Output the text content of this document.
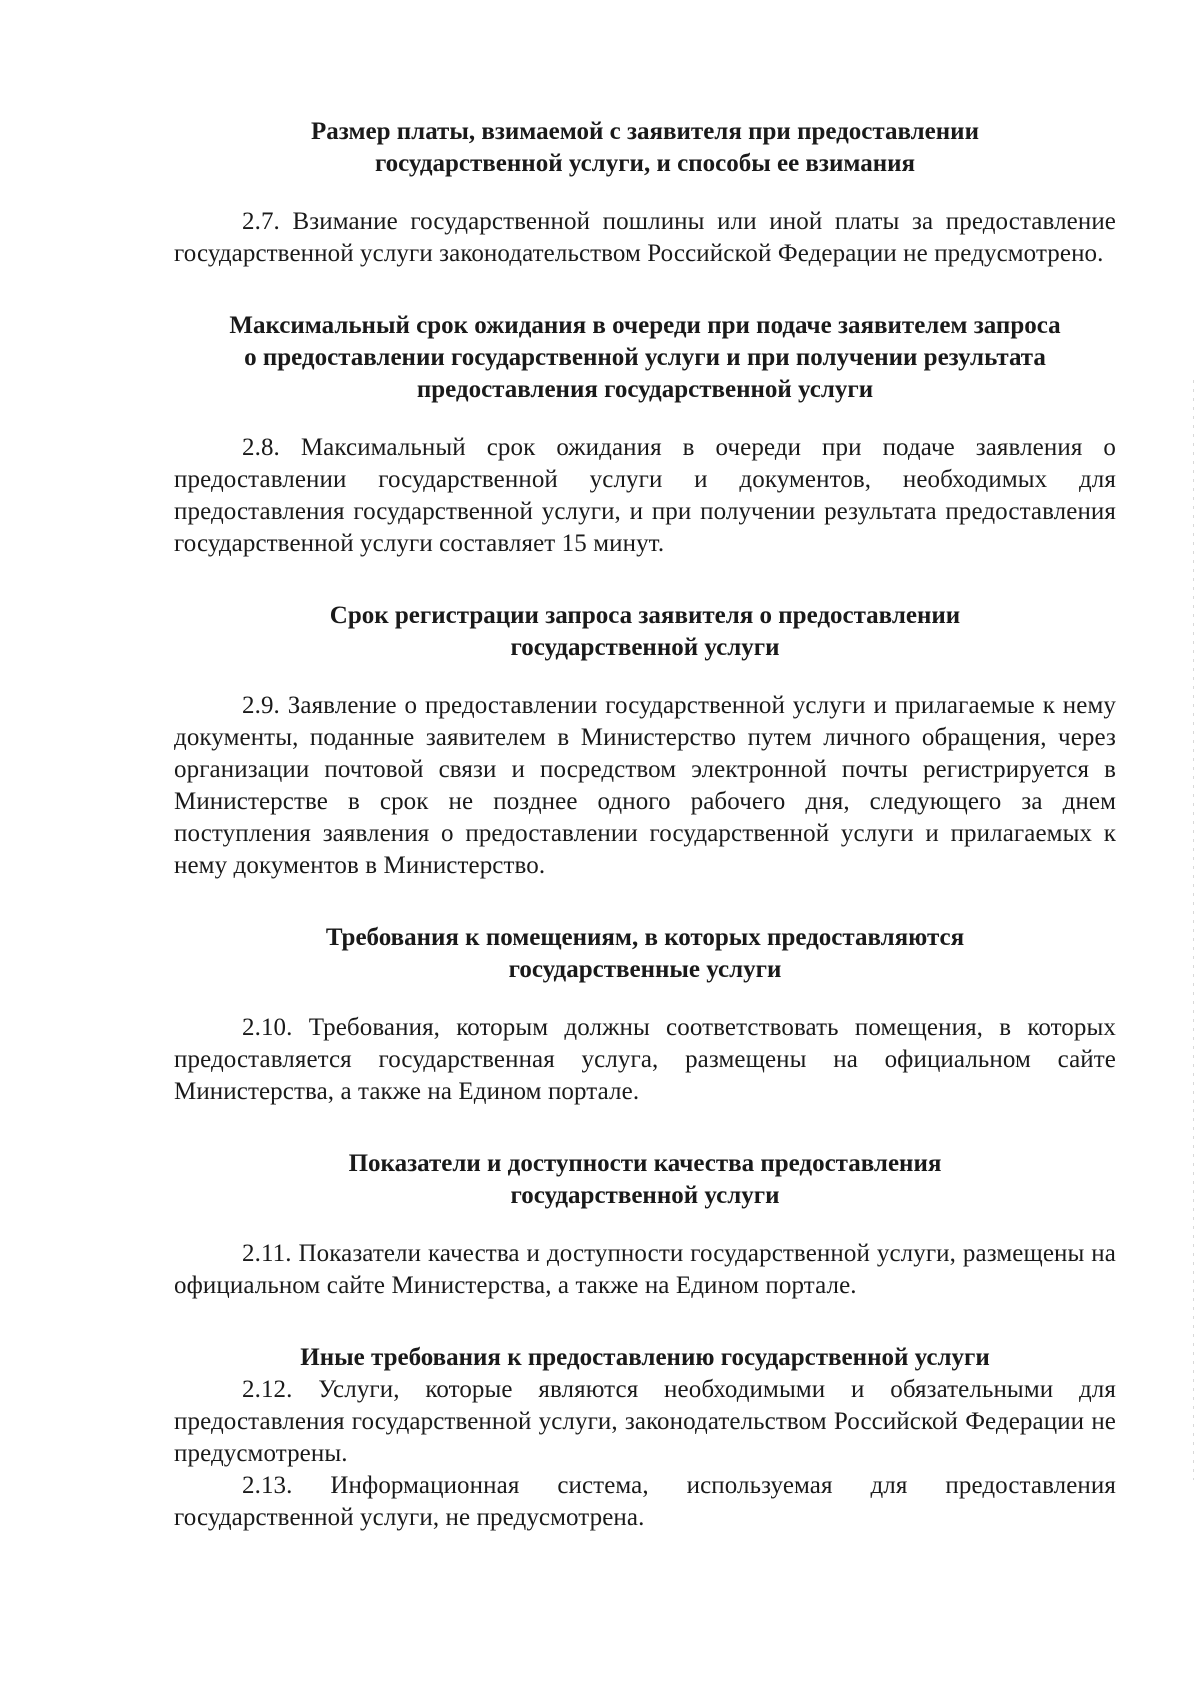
Размер платы, взимаемой с заявителя при предоставлении государственной услуги, и способы ее взимания

2.7. Взимание государственной пошлины или иной платы за предоставление государственной услуги законодательством Российской Федерации не предусмотрено.

Максимальный срок ожидания в очереди при подаче заявителем запроса о предоставлении государственной услуги и при получении результата предоставления государственной услуги

2.8. Максимальный срок ожидания в очереди при подаче заявления о предоставлении государственной услуги и документов, необходимых для предоставления государственной услуги, и при получении результата предоставления государственной услуги составляет 15 минут.

Срок регистрации запроса заявителя о предоставлении государственной услуги

2.9. Заявление о предоставлении государственной услуги и прилагаемые к нему документы, поданные заявителем в Министерство путем личного обращения, через организации почтовой связи и посредством электронной почты регистрируется в Министерстве в срок не позднее одного рабочего дня, следующего за днем поступления заявления о предоставлении государственной услуги и прилагаемых к нему документов в Министерство.

Требования к помещениям, в которых предоставляются государственные услуги

2.10. Требования, которым должны соответствовать помещения, в которых предоставляется государственная услуга, размещены на официальном сайте Министерства, а также на Едином портале.

Показатели и доступности качества предоставления государственной услуги

2.11. Показатели качества и доступности государственной услуги, размещены на официальном сайте Министерства, а также на Едином портале.

Иные требования к предоставлению государственной услуги

2.12. Услуги, которые являются необходимыми и обязательными для предоставления государственной услуги, законодательством Российской Федерации не предусмотрены.

2.13. Информационная система, используемая для предоставления государственной услуги, не предусмотрена.
